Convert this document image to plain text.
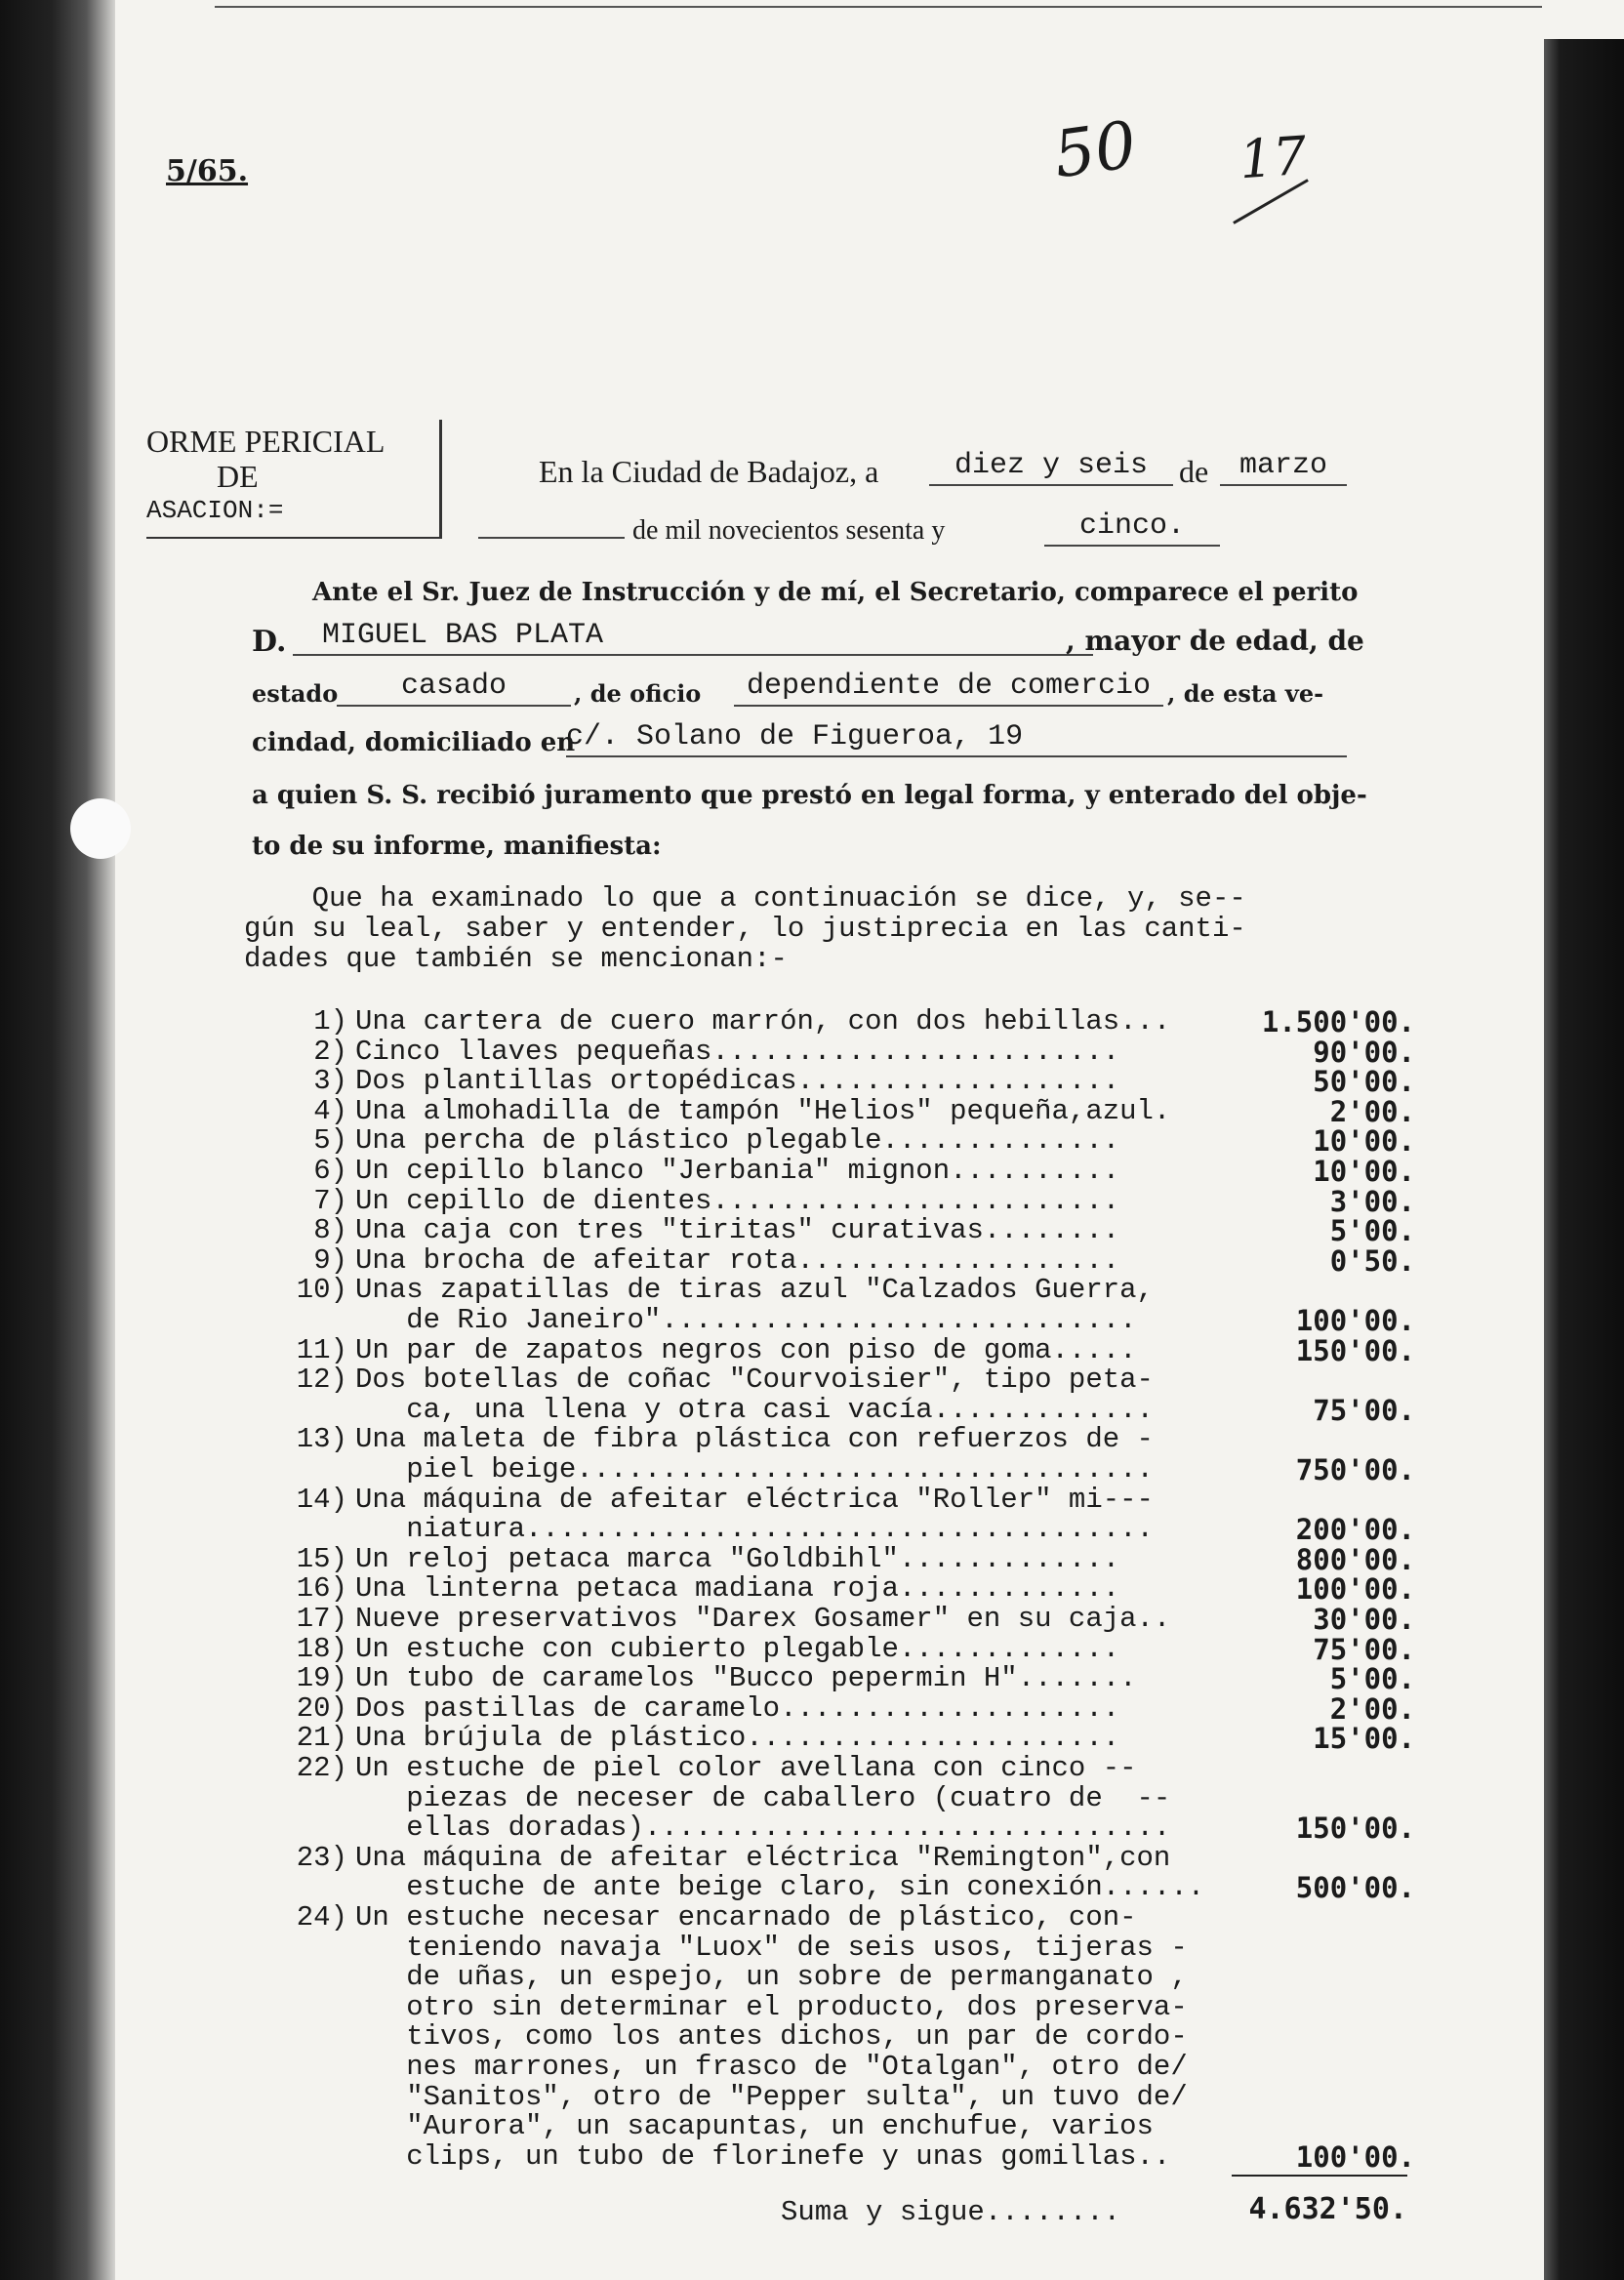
5/65.	50 17
ORME PERICIAL
DE
ASACION:=
En la Ciudad de Badajoz, a	diez y seis de	marzo
de mil novecientos sesenta y	cinco.
Ante el Sr. Juez de Instrucción y de mí, el Secretario, comparece el perito
D.	MIGUEL BAS PLATA	, mayor de edad, de
estado	casado	, de oficio	dependiente de comercio , de esta ve-
cindad, domiciliado en
c/. Solano de Figueroa, 19
a quien S. S. recibió juramento que prestó en legal forma, y enterado del obje-
to de su informe, manifiesta:
Que ha examinado lo que a continuación se dice, y, se--
gún su leal, saber y entender, lo justiprecia en las canti-
dades que también se mencionan:-
1) Una cartera de cuero marrón, con dos hebillas...	1.500'00.
2) Cinco llaves pequeñas........................	90'00.
3) Dos plantillas ortopédicas...................	50'00.
4) Una almohadilla de tampón "Helios" pequeña,azul.	2'00.
5) Una percha de plástico plegable..............	10'00.
6) Un cepillo blanco "Jerbania" mignon..........	10'00.
7) Un cepillo de dientes........................	3'00.
8) Una caja con tres "tiritas" curativas........	5'00.
9) Una brocha de afeitar rota...................	0'50.
10) Unas zapatillas de tiras azul "Calzados Guerra,
de Rio Janeiro"............................	100'00.
11) Un par de zapatos negros con piso de goma.....	150'00.
12) Dos botellas de coñac "Courvoisier", tipo peta-
ca, una llena y otra casi vacía.............	75'00.
13) Una maleta de fibra plástica con refuerzos de -
piel beige..................................	750'00.
14) Una máquina de afeitar eléctrica "Roller" mi---
niatura.....................................	200'00.
15) Un reloj petaca marca "Goldbihl".............	800'00.
16) Una linterna petaca madiana roja.............	100'00.
17) Nueve preservativos "Darex Gosamer" en su caja..	30'00.
18) Un estuche con cubierto plegable.............	75'00.
19) Un tubo de caramelos "Bucco pepermin H".......	5'00.
20) Dos pastillas de caramelo....................	2'00.
21) Una brújula de plástico......................	15'00.
22) Un estuche de piel color avellana con cinco --
piezas de neceser de caballero (cuatro de  --
ellas doradas)...............................	150'00.
23) Una máquina de afeitar eléctrica "Remington",con
estuche de ante beige claro, sin conexión......	500'00.
24) Un estuche necesar encarnado de plástico, con-
teniendo navaja "Luox" de seis usos, tijeras -
de uñas, un espejo, un sobre de permanganato ,
otro sin determinar el producto, dos preserva-
tivos, como los antes dichos, un par de cordo-
nes marrones, un frasco de "Otalgan", otro de/
"Sanitos", otro de "Pepper sulta", un tuvo de/
"Aurora", un sacapuntas, un enchufue, varios
clips, un tubo de florinefe y unas gomillas..	100'00.
Suma y sigue........	4.632'50.
